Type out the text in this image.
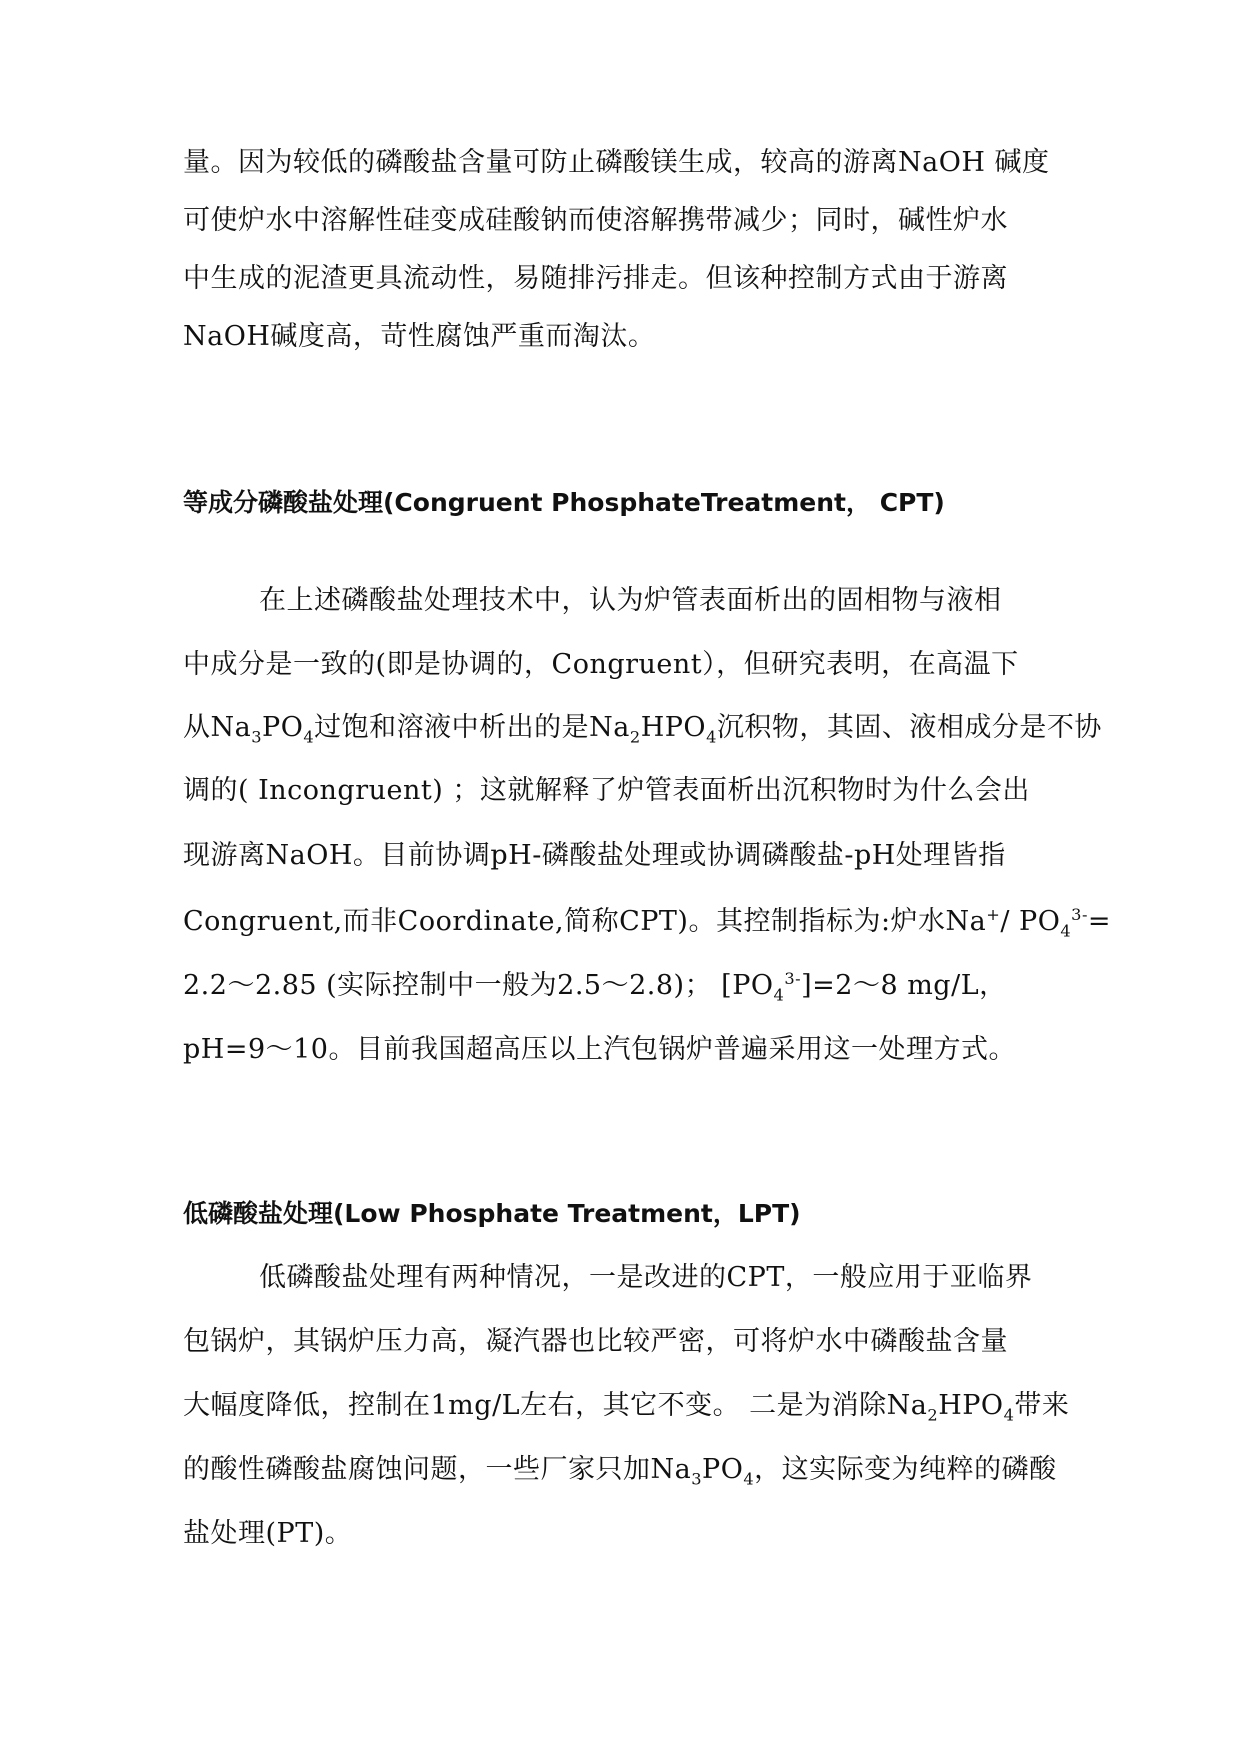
量。因为较低的磷酸盐含量可防止磷酸镁生成，较高的游离NaOH 碱度
可使炉水中溶解性硅变成硅酸钠而使溶解携带减少；同时，碱性炉水
中生成的泥渣更具流动性，易随排污排走。但该种控制方式由于游离
NaOH碱度高，苛性腐蚀严重而淘汰。
等成分磷酸盐处理(Congruent PhosphateTreatment， CPT)
在上述磷酸盐处理技术中，认为炉管表面析出的固相物与液相
中成分是一致的(即是协调的，Congruent），但研究表明，在高温下
从$Na_3PO_4$过饱和溶液中析出的是$Na_2HPO_4$沉积物，其固、液相成分是不协
调的( Incongruent) ；这就解释了炉管表面析出沉积物时为什么会出
现游离NaOH。目前协调pH-磷酸盐处理或协调磷酸盐-pH处理皆指
Congruent,而非Coordinate,简称CPT)。其控制指标为:炉水Na+/ $PO_4^{3-}=$
2.2～2.85 (实际控制中一般为2.5～2.8)； $[PO_4^{3-}]=2\sim 8$ mg/L，
pH=9～10。目前我国超高压以上汽包锅炉普遍采用这一处理方式。
低磷酸盐处理(Low Phosphate Treatment，LPT)
低磷酸盐处理有两种情况，一是改进的CPT，一般应用于亚临界
包锅炉，其锅炉压力高，凝汽器也比较严密，可将炉水中磷酸盐含量
大幅度降低，控制在1mg/L左右，其它不变。 二是为消除$Na_2HPO_4$带来
的酸性磷酸盐腐蚀问题，一些厂家只加$Na_3PO_4$，这实际变为纯粹的磷酸
盐处理(PT)。
